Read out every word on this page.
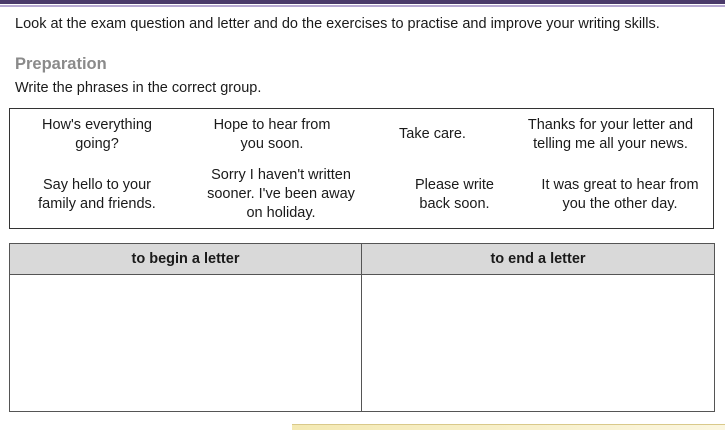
Look at the exam question and letter and do the exercises to practise and improve your writing skills.
Preparation
Write the phrases in the correct group.
How's everything going?
Hope to hear from you soon.
Take care.
Thanks for your letter and telling me all your news.
Say hello to your family and friends.
Sorry I haven't written sooner. I've been away on holiday.
Please write back soon.
It was great to hear from you the other day.
to begin a letter	to end a letter
